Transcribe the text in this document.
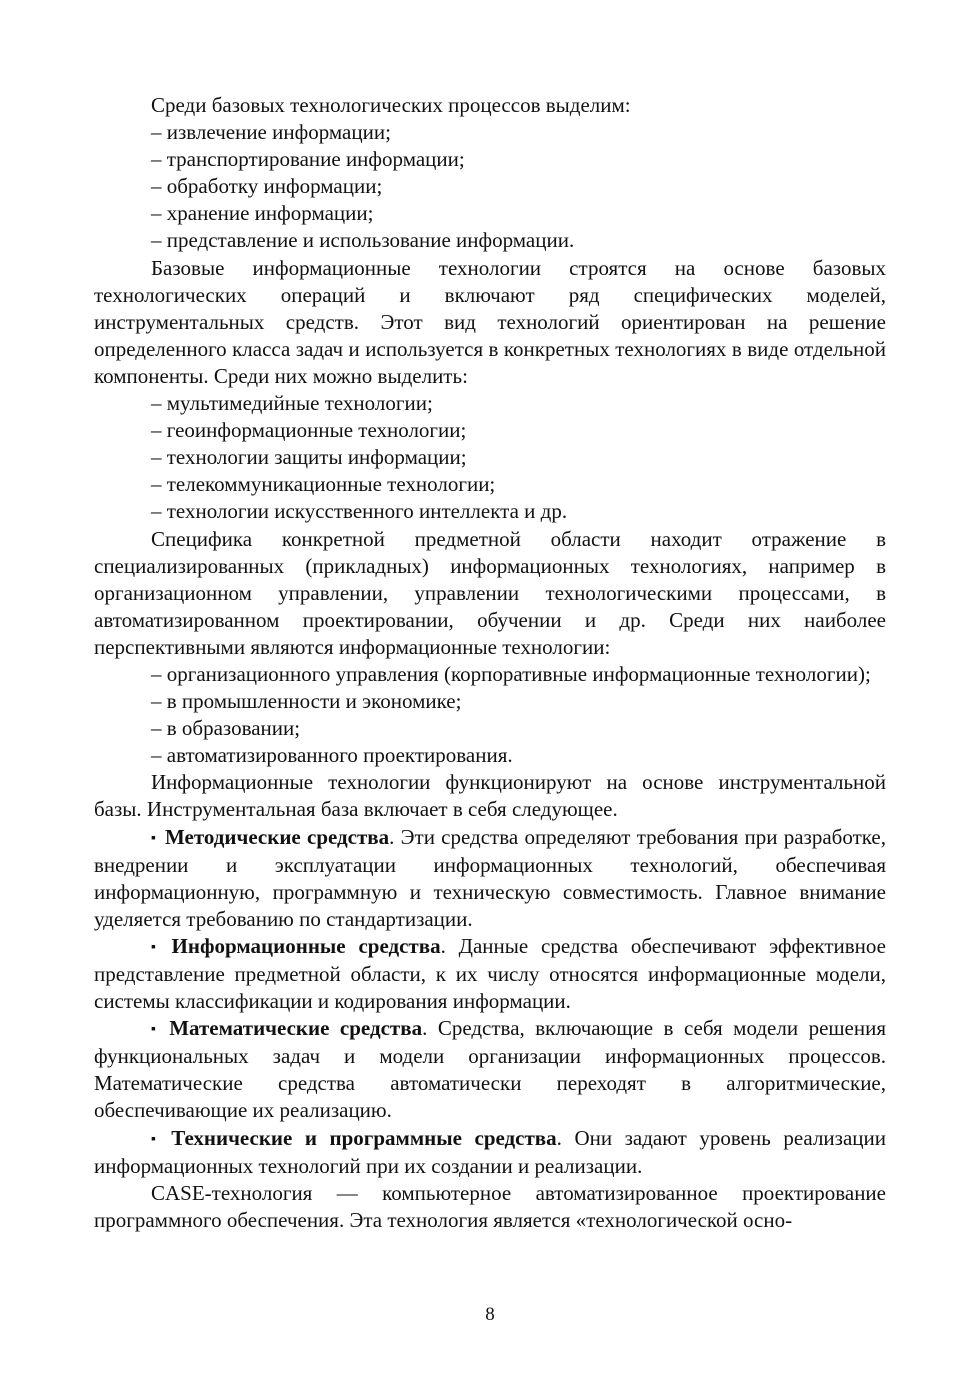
Среди базовых технологических процессов выделим:
– извлечение информации;
– транспортирование информации;
– обработку информации;
– хранение информации;
– представление и использование информации.
Базовые информационные технологии строятся на основе базовых технологических операций и включают ряд специфических моделей, инструментальных средств. Этот вид технологий ориентирован на решение определенного класса задач и используется в конкретных технологиях в виде отдельной компоненты. Среди них можно выделить:
– мультимедийные технологии;
– геоинформационные технологии;
– технологии защиты информации;
– телекоммуникационные технологии;
– технологии искусственного интеллекта и др.
Специфика конкретной предметной области находит отражение в специализированных (прикладных) информационных технологиях, например в организационном управлении, управлении технологическими процессами, в автоматизированном проектировании, обучении и др. Среди них наиболее перспективными являются информационные технологии:
– организационного управления (корпоративные информационные технологии);
– в промышленности и экономике;
– в образовании;
– автоматизированного проектирования.
Информационные технологии функционируют на основе инструментальной базы. Инструментальная база включает в себя следующее.
▪ Методические средства. Эти средства определяют требования при разработке, внедрении и эксплуатации информационных технологий, обеспечивая информационную, программную и техническую совместимость. Главное внимание уделяется требованию по стандартизации.
▪ Информационные средства. Данные средства обеспечивают эффективное представление предметной области, к их числу относятся информационные модели, системы классификации и кодирования информации.
▪ Математические средства. Средства, включающие в себя модели решения функциональных задач и модели организации информационных процессов. Математические средства автоматически переходят в алгоритмические, обеспечивающие их реализацию.
▪ Технические и программные средства. Они задают уровень реализации информационных технологий при их создании и реализации.
CASE-технология — компьютерное автоматизированное проектирование программного обеспечения. Эта технология является «технологической осно-
8
